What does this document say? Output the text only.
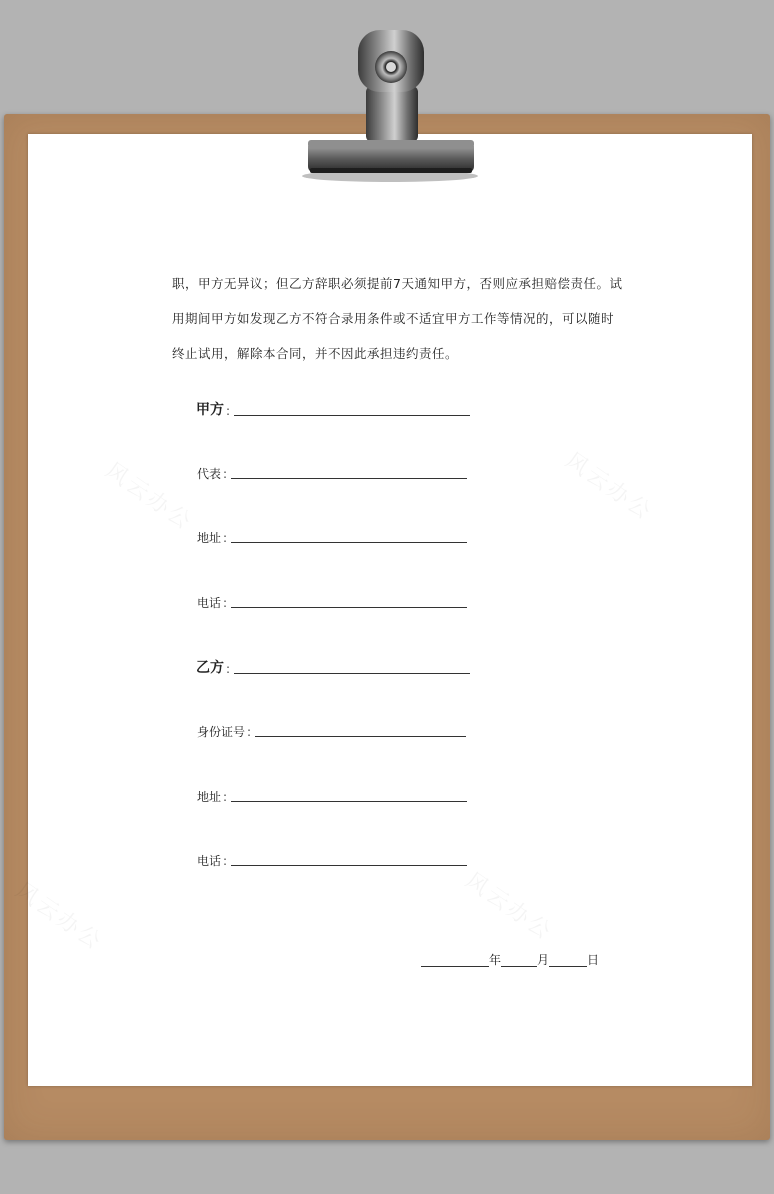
职，甲方无异议；但乙方辞职必须提前7天通知甲方，否则应承担赔偿责任。试
用期间甲方如发现乙方不符合录用条件或不适宜甲方工作等情况的，可以随时
终止试用，解除本合同，并不因此承担违约责任。
甲方 :
代表 :
地址 :
电话 :
乙方 :
身份证号 :
地址 :
电话 :
年	月	日
